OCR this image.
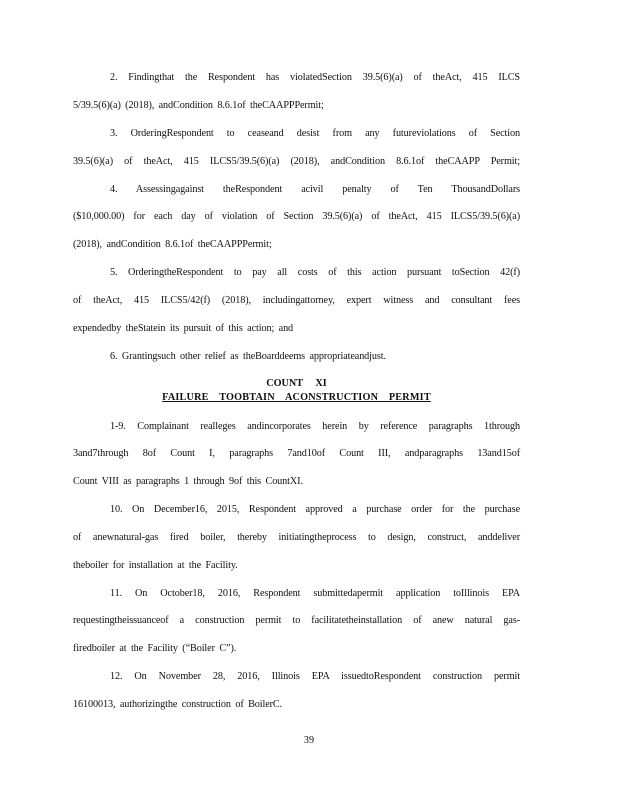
2. Findingthat the Respondent has violatedSection 39.5(6)(a) of theAct, 415 ILCS
5/39.5(6)(a) (2018), andCondition 8.6.1of theCAAPPPermit;
3. OrderingRespondent to ceaseand desist from any futureviolations of Section
39.5(6)(a) of theAct, 415 ILCS5/39.5(6)(a) (2018), andCondition 8.6.1of theCAAPP Permit;
4. Assessingagainst theRespondent acivil penalty of Ten ThousandDollars
($10,000.00) for each day of violation of Section 39.5(6)(a) of theAct, 415 ILCS5/39.5(6)(a)
(2018), andCondition 8.6.1of theCAAPPPermit;
5. OrderingtheRespondent to pay all costs of this action pursuant toSection 42(f)
of theAct, 415 ILCS5/42(f) (2018), includingattorney, expert witness and consultant fees
expendedby theStatein its pursuit of this action; and
6. Grantingsuch other relief as theBoarddeems appropriateandjust.
COUNT XI
FAILURE TOOBTAIN ACONSTRUCTION PERMIT
1-9. Complainant realleges andincorporates herein by reference paragraphs 1through
3and7through 8of Count I, paragraphs 7and10of Count III, andparagraphs 13and15of
Count VIII as paragraphs 1 through 9of this CountXI.
10. On December16, 2015, Respondent approved a purchase order for the purchase
of anewnatural-gas fired boiler, thereby initiatingtheprocess to design, construct, anddeliver
theboiler for installation at the Facility.
11. On October18, 2016, Respondent submittedapermit application toIllinois EPA
requestingtheissuanceof a construction permit to facilitatetheinstallation of anew natural gas-
firedboiler at the Facility (“Boiler C”).
12. On November 28, 2016, Illinois EPA issuedtoRespondent construction permit
16100013, authorizingthe construction of BoilerC.
39
